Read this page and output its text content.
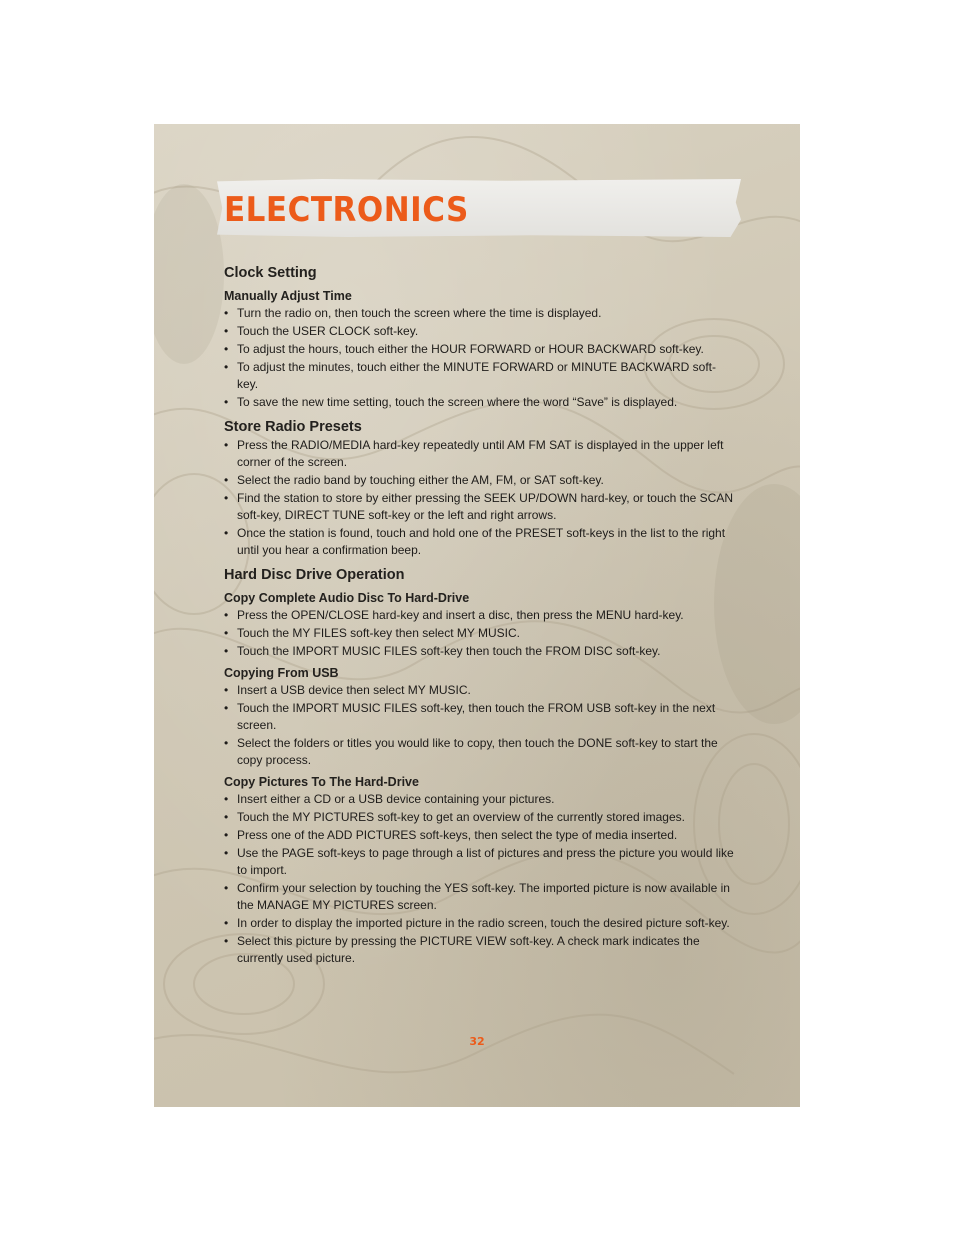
ELECTRONICS
Clock Setting
Manually Adjust Time
• Turn the radio on, then touch the screen where the time is displayed.
• Touch the USER CLOCK soft-key.
• To adjust the hours, touch either the HOUR FORWARD or HOUR BACKWARD soft-key.
• To adjust the minutes, touch either the MINUTE FORWARD or MINUTE BACKWARD soft-key.
• To save the new time setting, touch the screen where the word “Save” is displayed.
Store Radio Presets
• Press the RADIO/MEDIA hard-key repeatedly until AM FM SAT is displayed in the upper left corner of the screen.
• Select the radio band by touching either the AM, FM, or SAT soft-key.
• Find the station to store by either pressing the SEEK UP/DOWN hard-key, or touch the SCAN soft-key, DIRECT TUNE soft-key or the left and right arrows.
• Once the station is found, touch and hold one of the PRESET soft-keys in the list to the right until you hear a confirmation beep.
Hard Disc Drive Operation
Copy Complete Audio Disc To Hard-Drive
• Press the OPEN/CLOSE hard-key and insert a disc, then press the MENU hard-key.
• Touch the MY FILES soft-key then select MY MUSIC.
• Touch the IMPORT MUSIC FILES soft-key then touch the FROM DISC soft-key.
Copying From USB
• Insert a USB device then select MY MUSIC.
• Touch the IMPORT MUSIC FILES soft-key, then touch the FROM USB soft-key in the next screen.
• Select the folders or titles you would like to copy, then touch the DONE soft-key to start the copy process.
Copy Pictures To The Hard-Drive
• Insert either a CD or a USB device containing your pictures.
• Touch the MY PICTURES soft-key to get an overview of the currently stored images.
• Press one of the ADD PICTURES soft-keys, then select the type of media inserted.
• Use the PAGE soft-keys to page through a list of pictures and press the picture you would like to import.
• Confirm your selection by touching the YES soft-key. The imported picture is now available in the MANAGE MY PICTURES screen.
• In order to display the imported picture in the radio screen, touch the desired picture soft-key.
• Select this picture by pressing the PICTURE VIEW soft-key. A check mark indicates the currently used picture.
32
